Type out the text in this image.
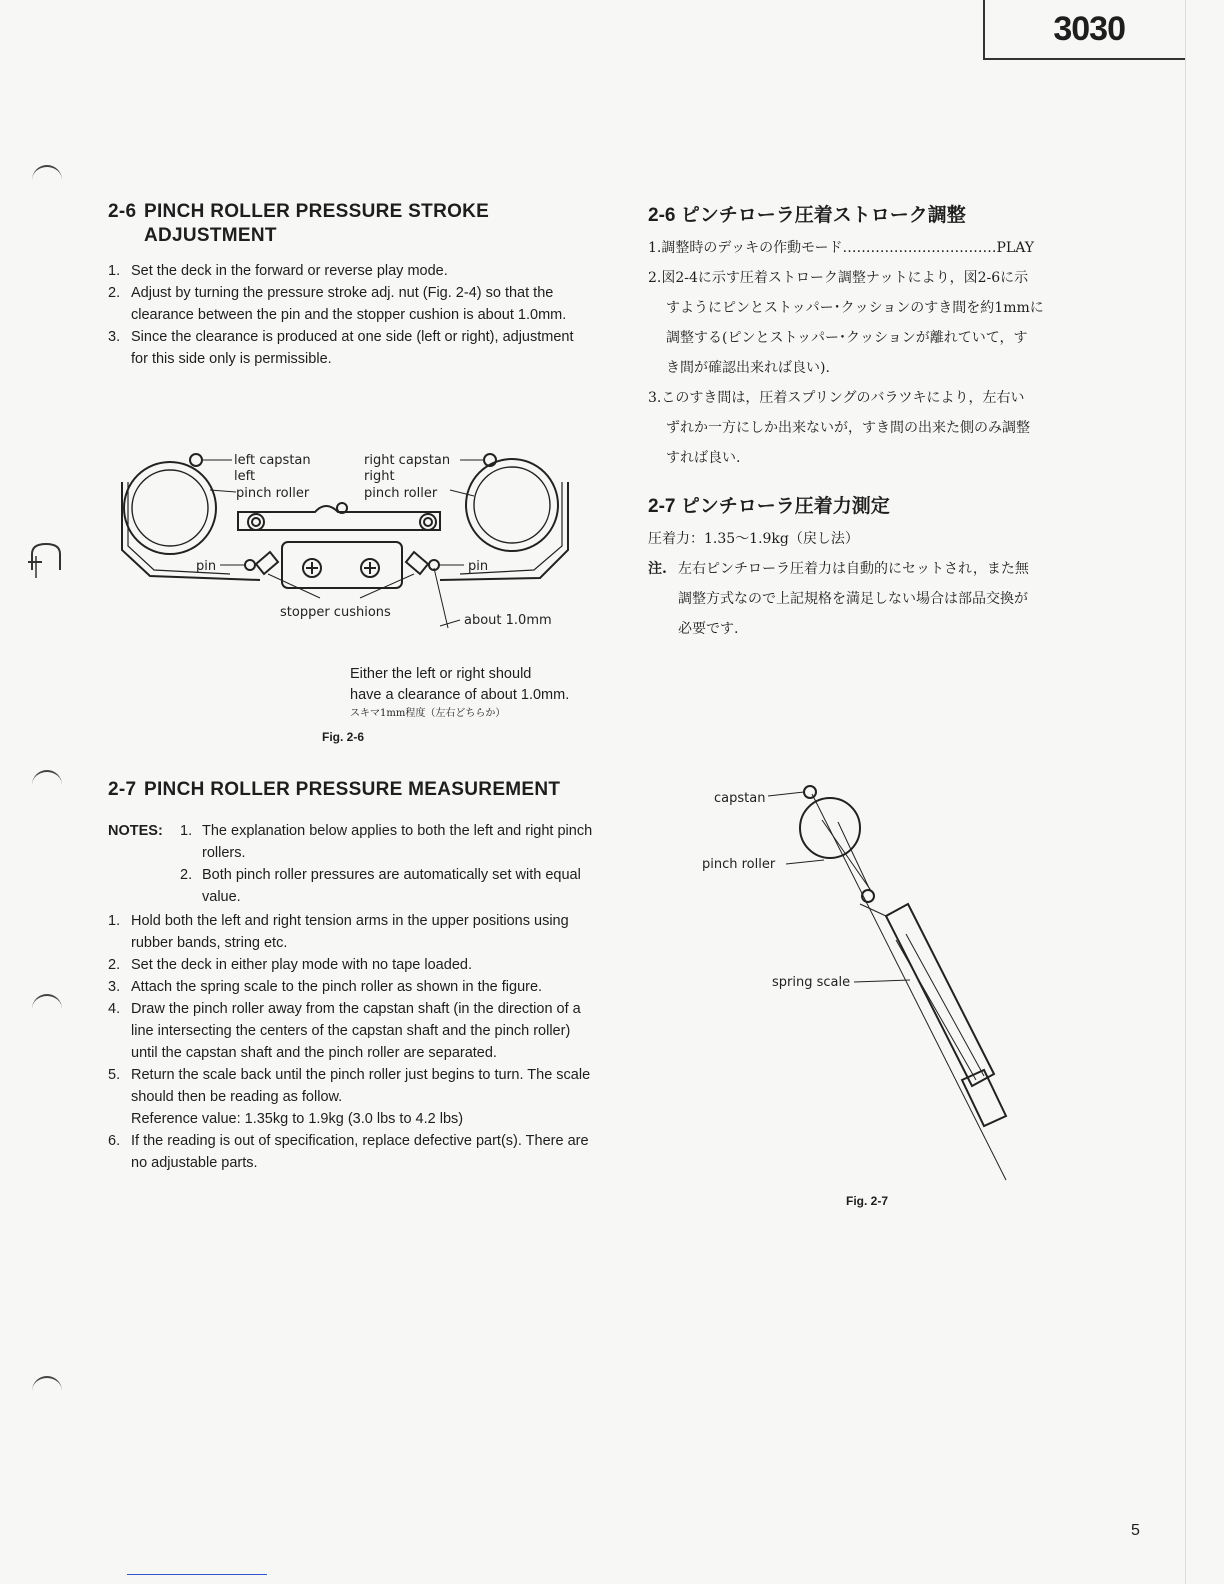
3030
2-6 PINCH ROLLER PRESSURE STROKE
ADJUSTMENT
1. Set the deck in the forward or reverse play mode.
2. Adjust by turning the pressure stroke adj. nut (Fig. 2-4) so that the clearance between the pin and the stopper cushion is about 1.0mm.
3. Since the clearance is produced at one side (left or right), adjustment for this side only is permissible.
left capstan
left
pinch roller
right capstan
right
pinch roller
pin	pin
stopper cushions
about 1.0mm
Either the left or right should
have a clearance of about 1.0mm.
スキマ1mm程度（左右どちらか）
Fig. 2-6
2-7 PINCH ROLLER PRESSURE MEASUREMENT
NOTES: 1. The explanation below applies to both the left and right pinch rollers.
2. Both pinch roller pressures are automatically set with equal value.
1. Hold both the left and right tension arms in the upper positions using rubber bands, string etc.
2. Set the deck in either play mode with no tape loaded.
3. Attach the spring scale to the pinch roller as shown in the figure.
4. Draw the pinch roller away from the capstan shaft (in the direction of a line intersecting the centers of the capstan shaft and the pinch roller) until the capstan shaft and the pinch roller are separated.
5. Return the scale back until the pinch roller just begins to turn. The scale should then be reading as follow.
Reference value: 1.35kg to 1.9kg (3.0 lbs to 4.2 lbs)
6. If the reading is out of specification, replace defective part(s). There are no adjustable parts.
2-6 ピンチローラ圧着ストローク調整
1.調整時のデッキの作動モード……………………………PLAY
2.図2-4に示す圧着ストローク調整ナットにより，図2-6に示
すようにピンとストッパー･クッションのすき間を約1mmに
調整する(ピンとストッパー･クッションが離れていて，す
き間が確認出来れば良い).
3.このすき間は，圧着スプリングのバラツキにより，左右い
ずれか一方にしか出来ないが，すき間の出来た側のみ調整
すれば良い.
2-7 ピンチローラ圧着力測定
圧着力：1.35～1.9kg（戻し法）
注. 左右ピンチローラ圧着力は自動的にセットされ，また無
調整方式なので上記規格を満足しない場合は部品交換が
必要です.
capstan
pinch roller
spring scale
Fig. 2-7
5
